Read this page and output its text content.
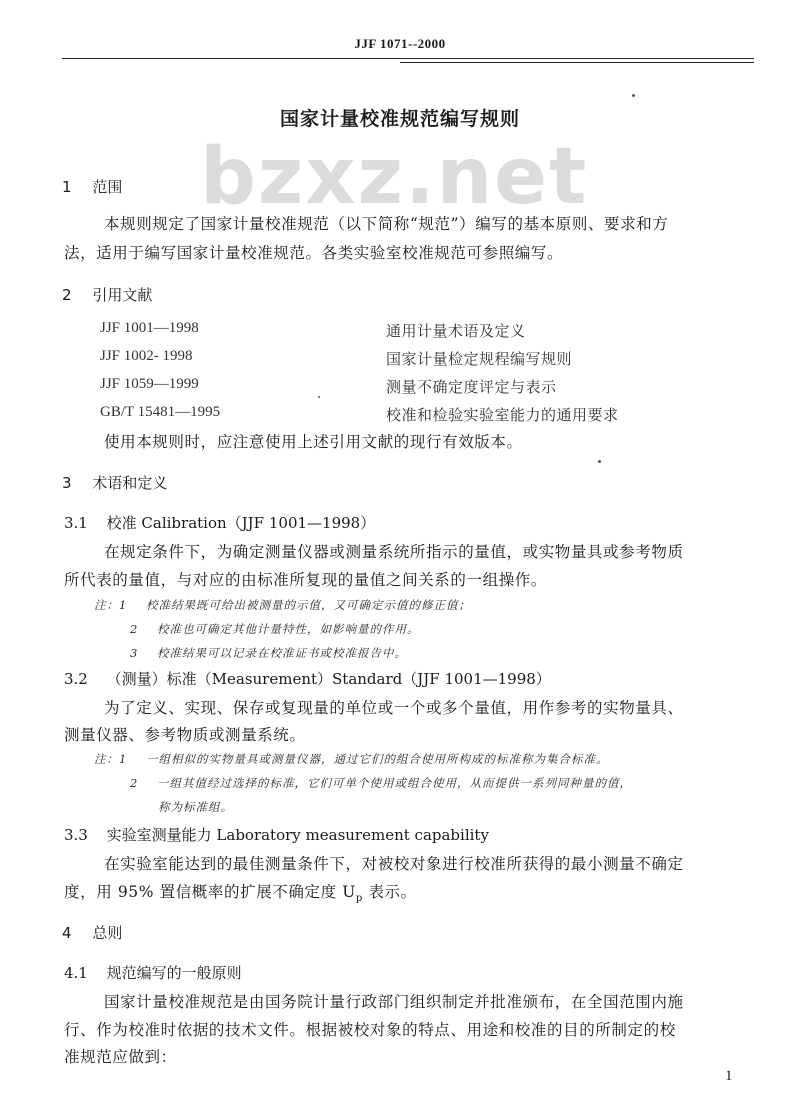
JJF 1071--2000
bzxz.net
国家计量校准规范编写规则
1 范围
本规则规定了国家计量校准规范（以下简称“规范”）编写的基本原则、要求和方
法，适用于编写国家计量校准规范。各类实验室校准规范可参照编写。
2 引用文献
JJF 1001—1998	通用计量术语及定义
JJF 1002- 1998	国家计量检定规程编写规则
JJF 1059—1999	测量不确定度评定与表示
GB/T 15481—1995	校准和检验实验室能力的通用要求
使用本规则时，应注意使用上述引用文献的现行有效版本。
3 术语和定义
3.1 校准 Calibration（JJF 1001—1998）
在规定条件下，为确定测量仪器或测量系统所指示的量值，或实物量具或参考物质
所代表的量值，与对应的由标准所复现的量值之间关系的一组操作。
注：1 校准结果既可给出被测量的示值，又可确定示值的修正值；
2 校准也可确定其他计量特性，如影响量的作用。
3 校准结果可以记录在校准证书或校准报告中。
3.2 （测量）标准（Measurement）Standard（JJF 1001—1998）
为了定义、实现、保存或复现量的单位或一个或多个量值，用作参考的实物量具、
测量仪器、参考物质或测量系统。
注：1 一组相似的实物量具或测量仪器，通过它们的组合使用所构成的标准称为集合标准。
2 一组其值经过选择的标准，它们可单个使用或组合使用，从而提供一系列同种量的值，
称为标准组。
3.3 实验室测量能力 Laboratory measurement capability
在实验室能达到的最佳测量条件下，对被校对象进行校准所获得的最小测量不确定
度，用 95% 置信概率的扩展不确定度 $U_p$ 表示。
4 总则
4.1 规范编写的一般原则
国家计量校准规范是由国务院计量行政部门组织制定并批准颁布，在全国范围内施
行、作为校准时依据的技术文件。根据被校对象的特点、用途和校准的目的所制定的校
准规范应做到：
1
